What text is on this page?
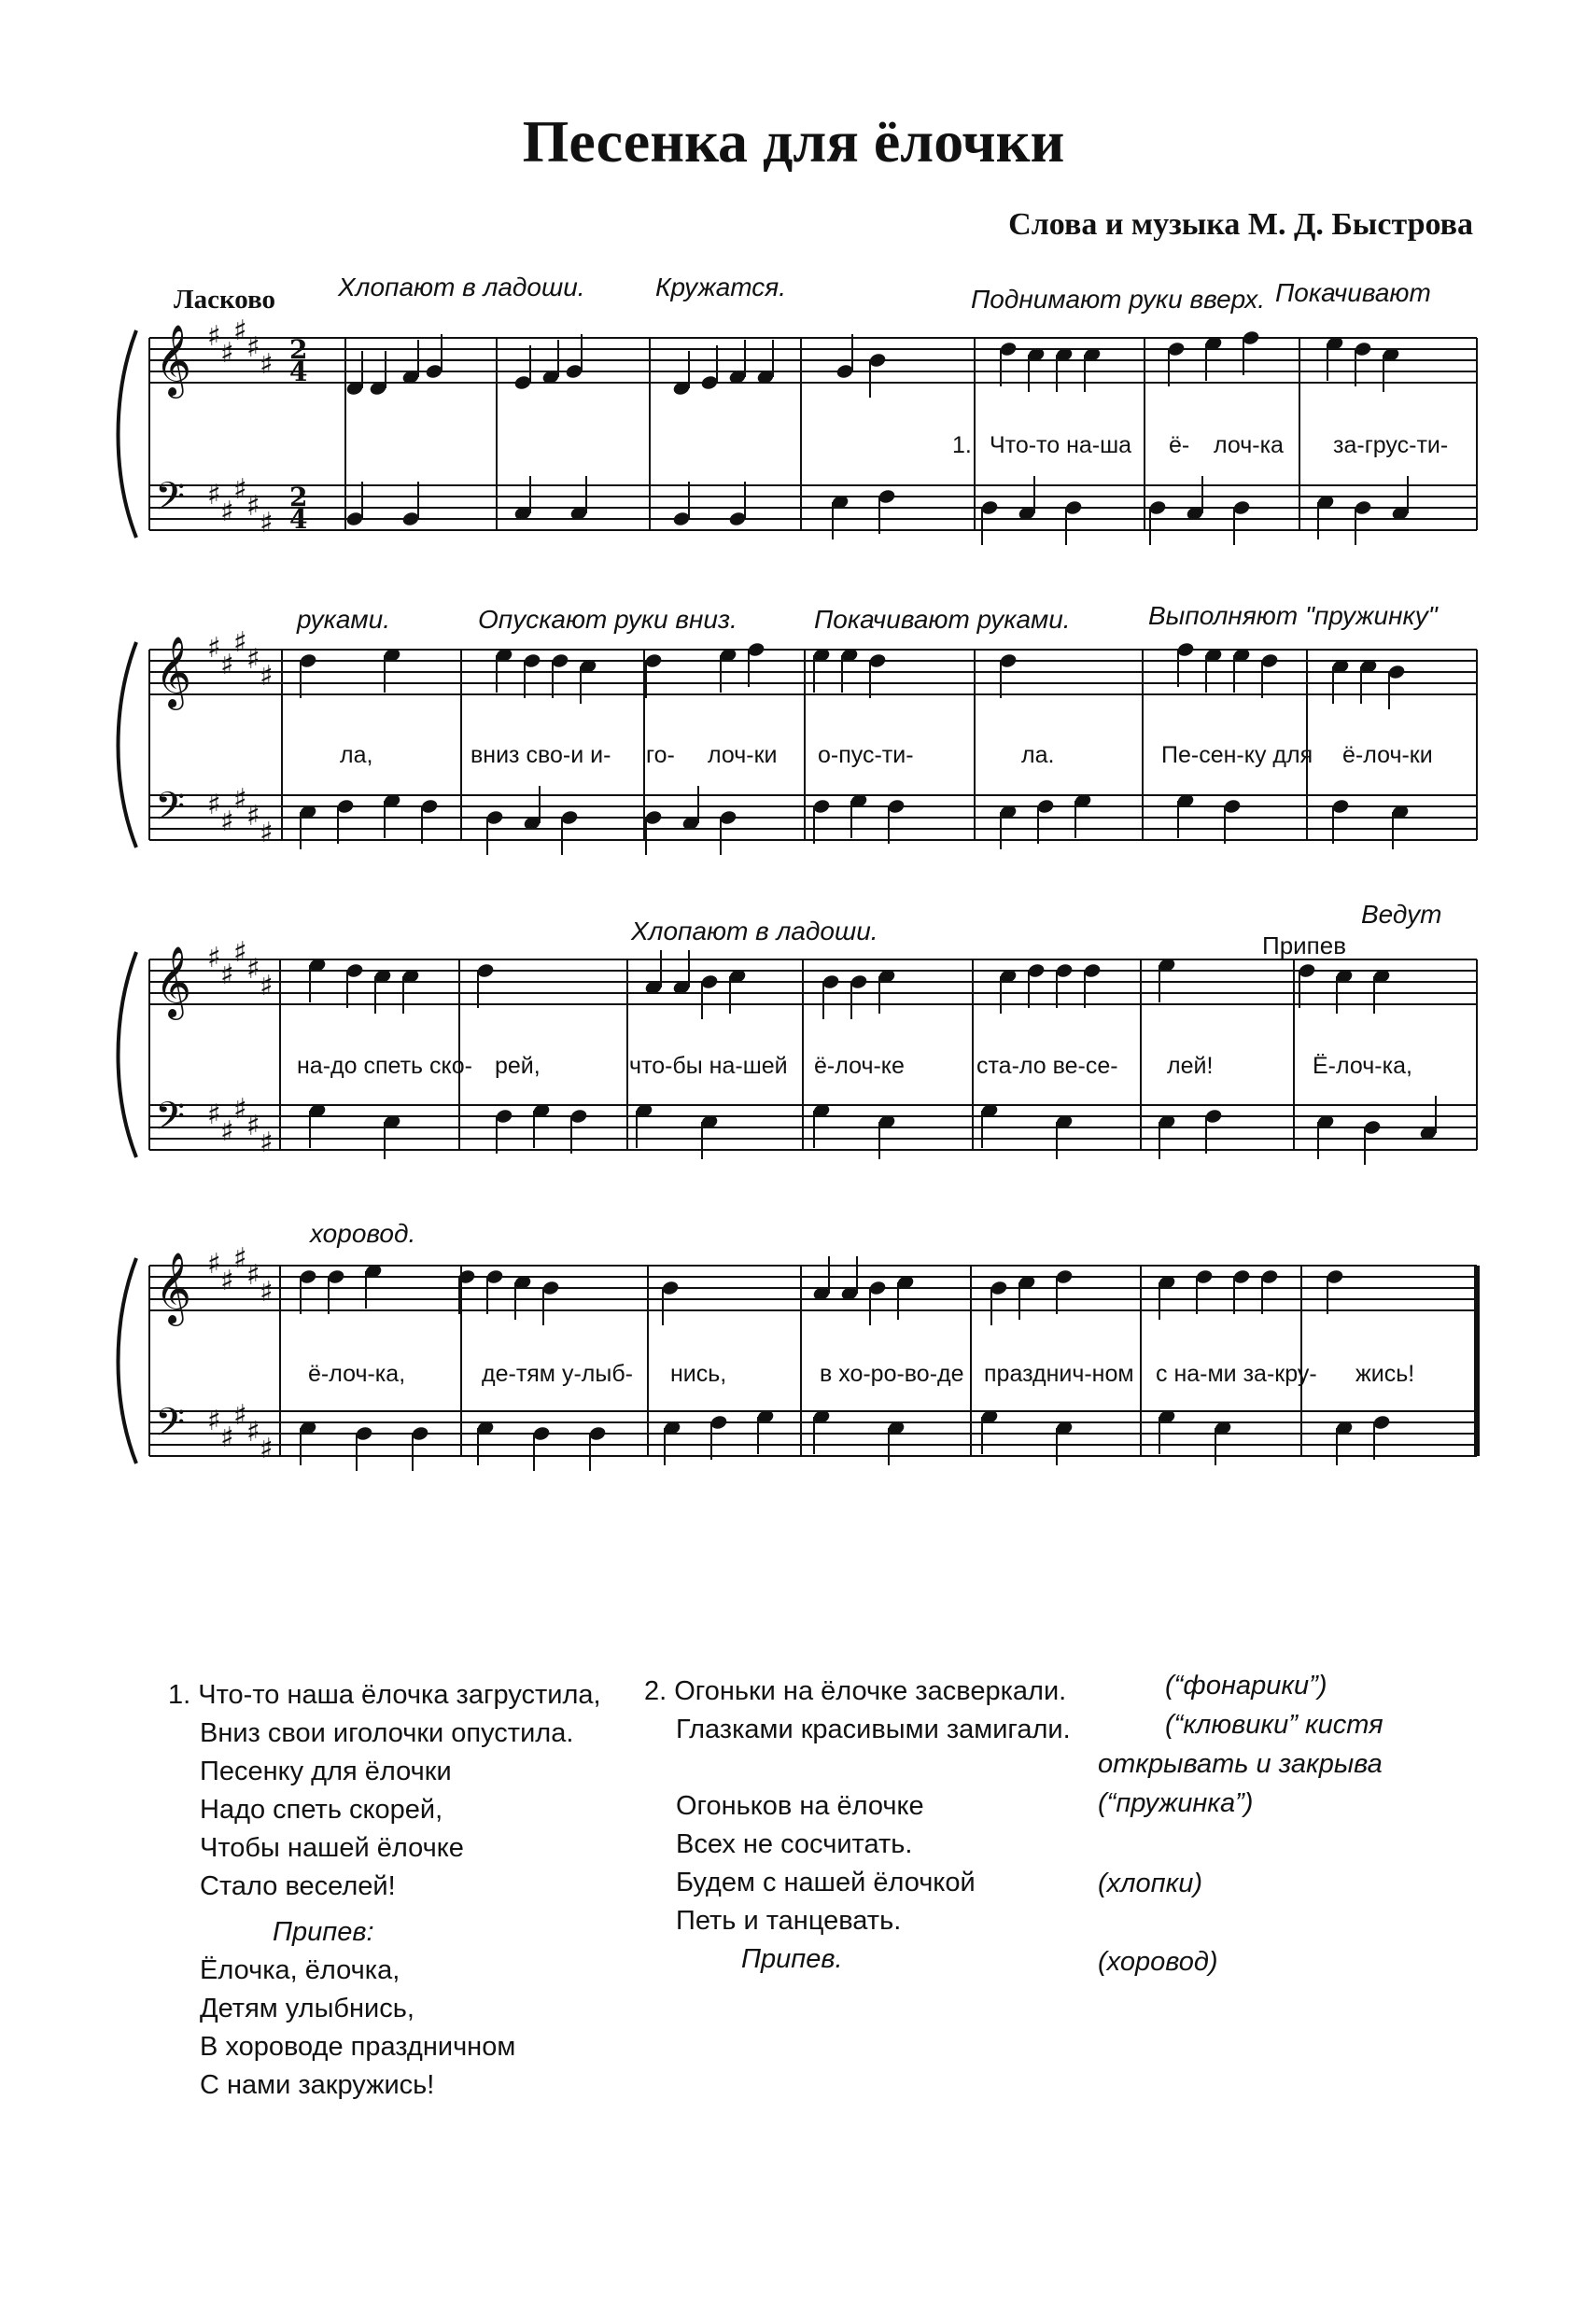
Песенка для ёлочки
Слова и музыка М. Д. Быстрова
𝄞 ♯
♯
♯
♯
♯ 2
4
𝄢 ♯
♯
♯
♯
♯
2
4
𝄞 ♯
♯
♯
♯
♯
𝄢 ♯
♯
♯
♯
♯
𝄞 ♯
♯
♯
♯
♯
𝄢 ♯
♯
♯
♯
♯
𝄞 ♯
♯
♯
♯
♯
𝄢 ♯
♯
♯
♯
♯
Ласково Хлопают в ладоши.	Кружатся.	Поднимают руки вверх. Покачивают
руками.	Опускают руки вниз.	Покачивают руками.	Выполняют "пружинку"
Хлопают в ладоши.	Припев
Ведут
хоровод.
1. Что-то на-ша ё- лоч-ка за-грус-ти-
ла,	вниз сво-и и- го- лоч-ки о-пус-ти-	ла.	Пе-сен-ку для ё-лоч-ки
на-до спеть ско- рей,	что-бы на-шей ё-лоч-ке	ста-ло ве-се- лей!	Ё-лоч-ка,
ё-лоч-ка,	де-тям у-лыб- нись,	в хо-ро-во-де празднич-ном с на-ми за-кру- жись!
1. Что-то наша ёлочка загрустила,
Вниз свои иголочки опустила.
Песенку для ёлочки
Надо спеть скорей,
Чтобы нашей ёлочке
Стало веселей!
Припев:
Ёлочка, ёлочка,
Детям улыбнись,
В хороводе праздничном
С нами закружись!
2. Огоньки на ёлочке засверкали.
Глазками красивыми замигали.
Огоньков на ёлочке
Всех не сосчитать.
Будем с нашей ёлочкой
Петь и танцевать.
Припев.
(“фонарики”)
(“клювики” кистя
открывать и закрыва
(“пружинка”)
(хлопки)
(хоровод)
